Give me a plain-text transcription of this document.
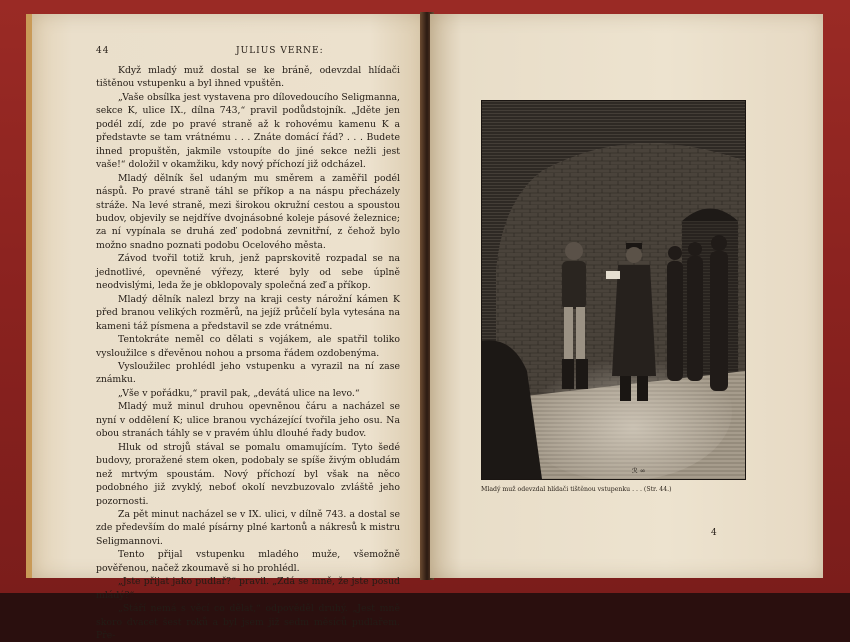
44	JULIUS VERNE:

Když mladý muž dostal se ke bráně, odevzdal hlídači tištěnou vstupenku a byl ihned vpuštěn.

„Vaše obsílka jest vystavena pro dílovedoucího Seligmanna, sekce K, ulice IX., dílna 743,“ pravil podůdstojník. „Jděte jen podél zdí, zde po pravé straně až k rohovému kamenu K a představte se tam vrátnému . . . Znáte domácí řád? . . . Budete ihned propuštěn, jakmile vstoupíte do jiné sekce nežli jest vaše!“ doložil v okamžiku, kdy nový příchozí již odcházel.

Mladý dělník šel udaným mu směrem a zaměřil podél náspů. Po pravé straně táhl se příkop a na náspu přecházely stráže. Na levé straně, mezi širokou okružní cestou a spoustou budov, objevily se nejdříve dvojnásobné koleje pásové železnice; za ní vypínala se druhá zeď podobná zevnitřní, z čehož bylo možno snadno poznati podobu Ocelového města.

Závod tvořil totiž kruh, jenž paprskovitě rozpadal se na jednotlivé, opevněné výřezy, které byly od sebe úplně neodvislými, leda že je obklopovaly společná zeď a příkop.

Mladý dělník nalezl brzy na kraji cesty nárožní kámen K před branou velikých rozměrů, na jejíž průčelí byla vytesána na kameni táž písmena a představil se zde vrátnému.

Tentokráte neměl co dělati s vojákem, ale spatřil toliko vysloužilce s dřevěnou nohou a prsoma řádem ozdobenýma.

Vysloužilec prohlédl jeho vstupenku a vyrazil na ní zase známku.

„Vše v pořádku,“ pravil pak, „devátá ulice na levo.“

Mladý muž minul druhou opevněnou čáru a nacházel se nyní v oddělení K; ulice branou vycházející tvořila jeho osu. Na obou stranách táhly se v pravém úhlu dlouhé řady budov.

Hluk od strojů stával se pomalu omamujícím. Tyto šedé budovy, proražené stem oken, podobaly se spíše živým obludám než mrtvým spoustám. Nový příchozí byl však na něco podobného již zvyklý, neboť okolí nevzbuzovalo zvláště jeho pozornosti.

Za pět minut nacházel se v IX. ulici, v dílně 743. a dostal se zde především do malé písárny plné kartonů a nákresů k mistru Seligmannovi.

Tento přijal vstupenku mladého muže, všemožně pověřenou, načež zkoumavě si ho prohlédl.

„Jste přijat jako pudlař?“ pravil. „Zdá se mně, že jste posud mládý?“

„Stáří nemá s věcí co dělat,“ odpověděl druhý. „Jest mně skoro dvacet šest roků a byl jsem již sedm měsíců pudlařem. Pře-

ℛ ∞
Mladý muž odevzdal hlídači tištěnou vstupenku . . . (Str. 44.)
4
